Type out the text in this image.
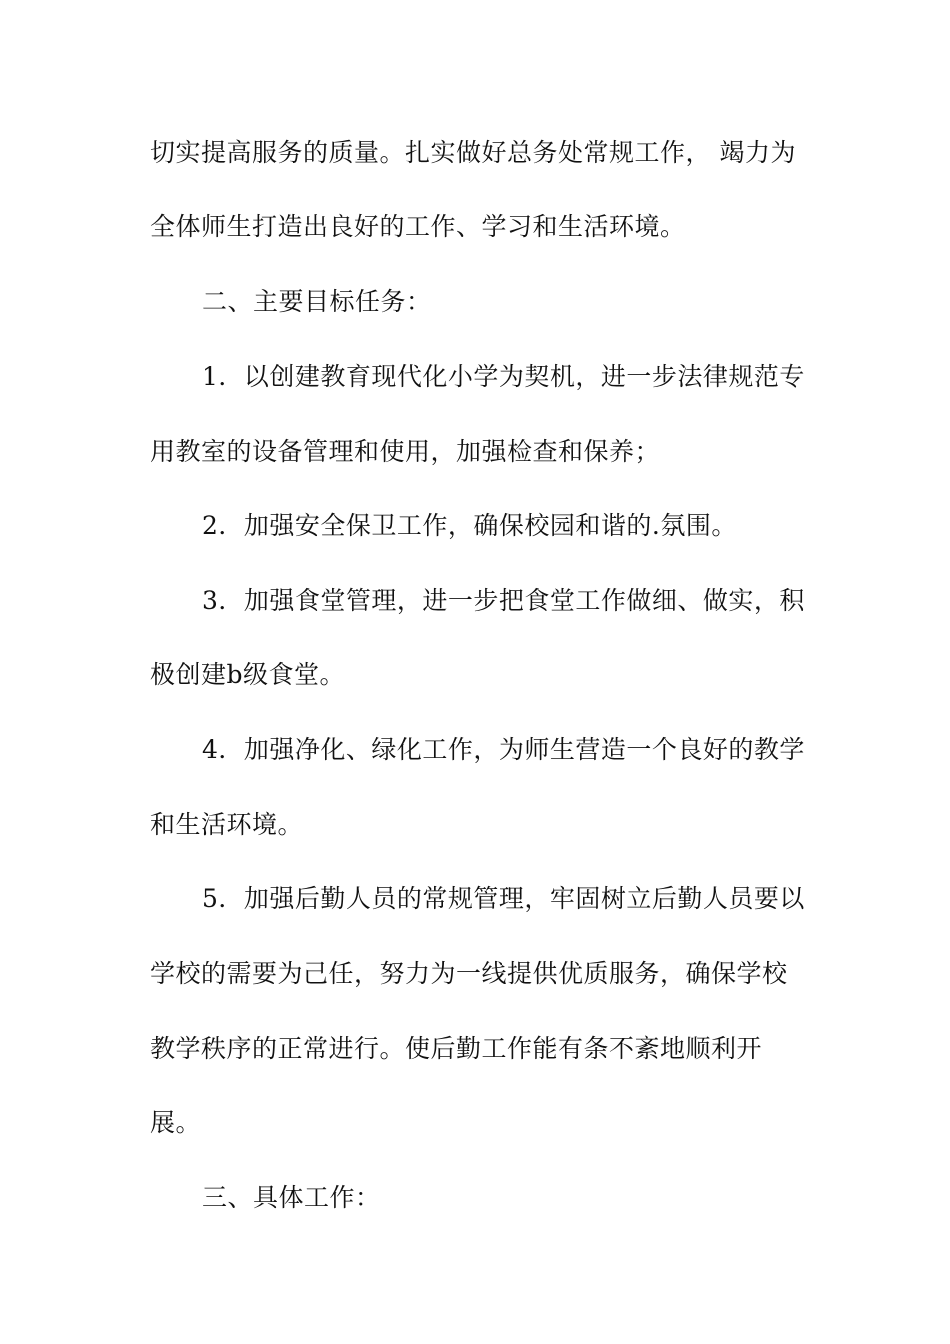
切实提高服务的质量。扎实做好总务处常规工作， 竭力为
全体师生打造出良好的工作、学习和生活环境。
二、主要目标任务：
1．以创建教育现代化小学为契机，进一步法律规范专
用教室的设备管理和使用，加强检查和保养；
2．加强安全保卫工作，确保校园和谐的.氛围。
3．加强食堂管理，进一步把食堂工作做细、做实，积
极创建b级食堂。
4．加强净化、绿化工作，为师生营造一个良好的教学
和生活环境。
5．加强后勤人员的常规管理，牢固树立后勤人员要以
学校的需要为己任，努力为一线提供优质服务，确保学校
教学秩序的正常进行。使后勤工作能有条不紊地顺利开
展。
三、具体工作：
